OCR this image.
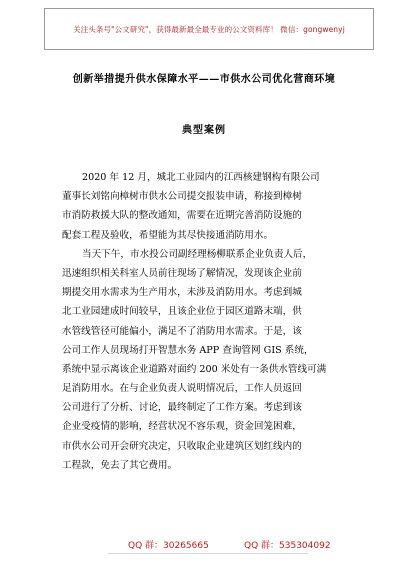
关注头条号"公文研究"，获得最新最全最专业的公文资料库！ 微信：gongwenyj
创新举措提升供水保障水平——市供水公司优化营商环境
典型案例
2020 年 12 月，城北工业园内的江西核建钢构有限公司
董事长刘铭向樟树市供水公司提交报装申请，称接到樟树
市消防救援大队的整改通知，需要在近期完善消防设施的
配套工程及验收，希望能为其尽快接通消防用水。
当天下午，市水投公司副经理杨柳联系企业负责人后，
迅速组织相关科室人员前往现场了解情况，发现该企业前
期提交用水需求为生产用水，未涉及消防用水。考虑到城
北工业园建成时间较早，且该企业位于园区道路末端，供
水管线管径可能偏小，满足不了消防用水需求。于是，该
公司工作人员现场打开智慧水务 APP 查询管网 GIS 系统，
系统中显示离该企业道路对面约 200 米处有一条供水管线可满
足消防用水。在与企业负责人说明情况后，工作人员返回
公司进行了分析、讨论，最终制定了工作方案。考虑到该
企业受疫情的影响，经营状况不容乐观，资金回笼困难，
市供水公司开会研究决定，只收取企业建筑区划红线内的
工程款，免去了其它费用。
QQ 群：30265665	QQ 群：535304092
